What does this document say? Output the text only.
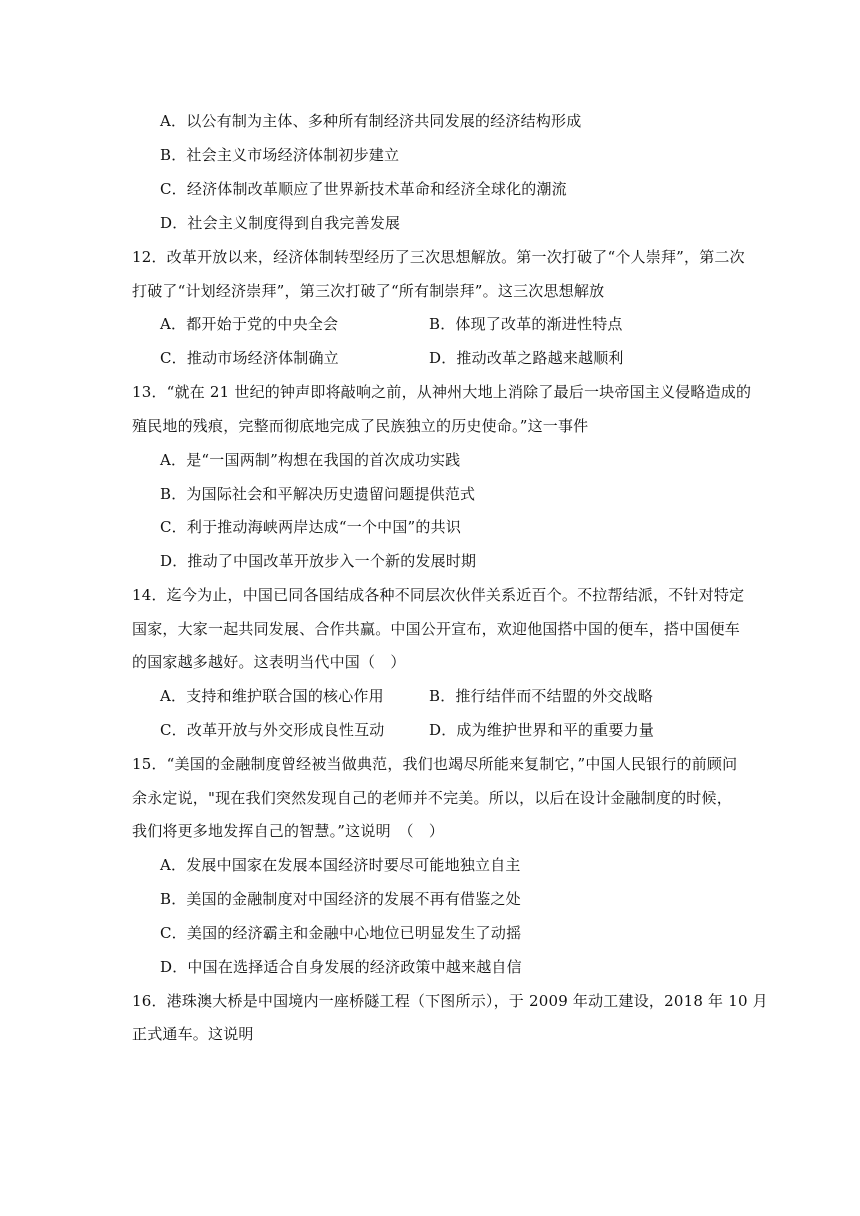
A．以公有制为主体、多种所有制经济共同发展的经济结构形成
B．社会主义市场经济体制初步建立
C．经济体制改革顺应了世界新技术革命和经济全球化的潮流
D．社会主义制度得到自我完善发展
12．改革开放以来，经济体制转型经历了三次思想解放。第一次打破了“个人崇拜”，第二次
打破了“计划经济崇拜”，第三次打破了“所有制崇拜”。这三次思想解放
A．都开始于党的中央全会	B．体现了改革的渐进性特点
C．推动市场经济体制确立	D．推动改革之路越来越顺利
13．“就在 21 世纪的钟声即将敲响之前，从神州大地上消除了最后一块帝国主义侵略造成的
殖民地的残痕，完整而彻底地完成了民族独立的历史使命。”这一事件
A．是“一国两制”构想在我国的首次成功实践
B．为国际社会和平解决历史遗留问题提供范式
C．利于推动海峡两岸达成“一个中国”的共识
D．推动了中国改革开放步入一个新的发展时期
14．迄今为止，中国已同各国结成各种不同层次伙伴关系近百个。不拉帮结派，不针对特定
国家，大家一起共同发展、合作共赢。中国公开宣布，欢迎他国搭中国的便车，搭中国便车
的国家越多越好。这表明当代中国（　）
A．支持和维护联合国的核心作用	B．推行结伴而不结盟的外交战略
C．改革开放与外交形成良性互动	D．成为维护世界和平的重要力量
15．“美国的金融制度曾经被当做典范，我们也竭尽所能来复制它，”中国人民银行的前顾问
余永定说，"现在我们突然发现自己的老师并不完美。所以，以后在设计金融制度的时候，
我们将更多地发挥自己的智慧。”这说明　（　）
A．发展中国家在发展本国经济时要尽可能地独立自主
B．美国的金融制度对中国经济的发展不再有借鉴之处
C．美国的经济霸主和金融中心地位已明显发生了动摇
D．中国在选择适合自身发展的经济政策中越来越自信
16．港珠澳大桥是中国境内一座桥隧工程（下图所示），于 2009 年动工建设，2018 年 10 月
正式通车。这说明
